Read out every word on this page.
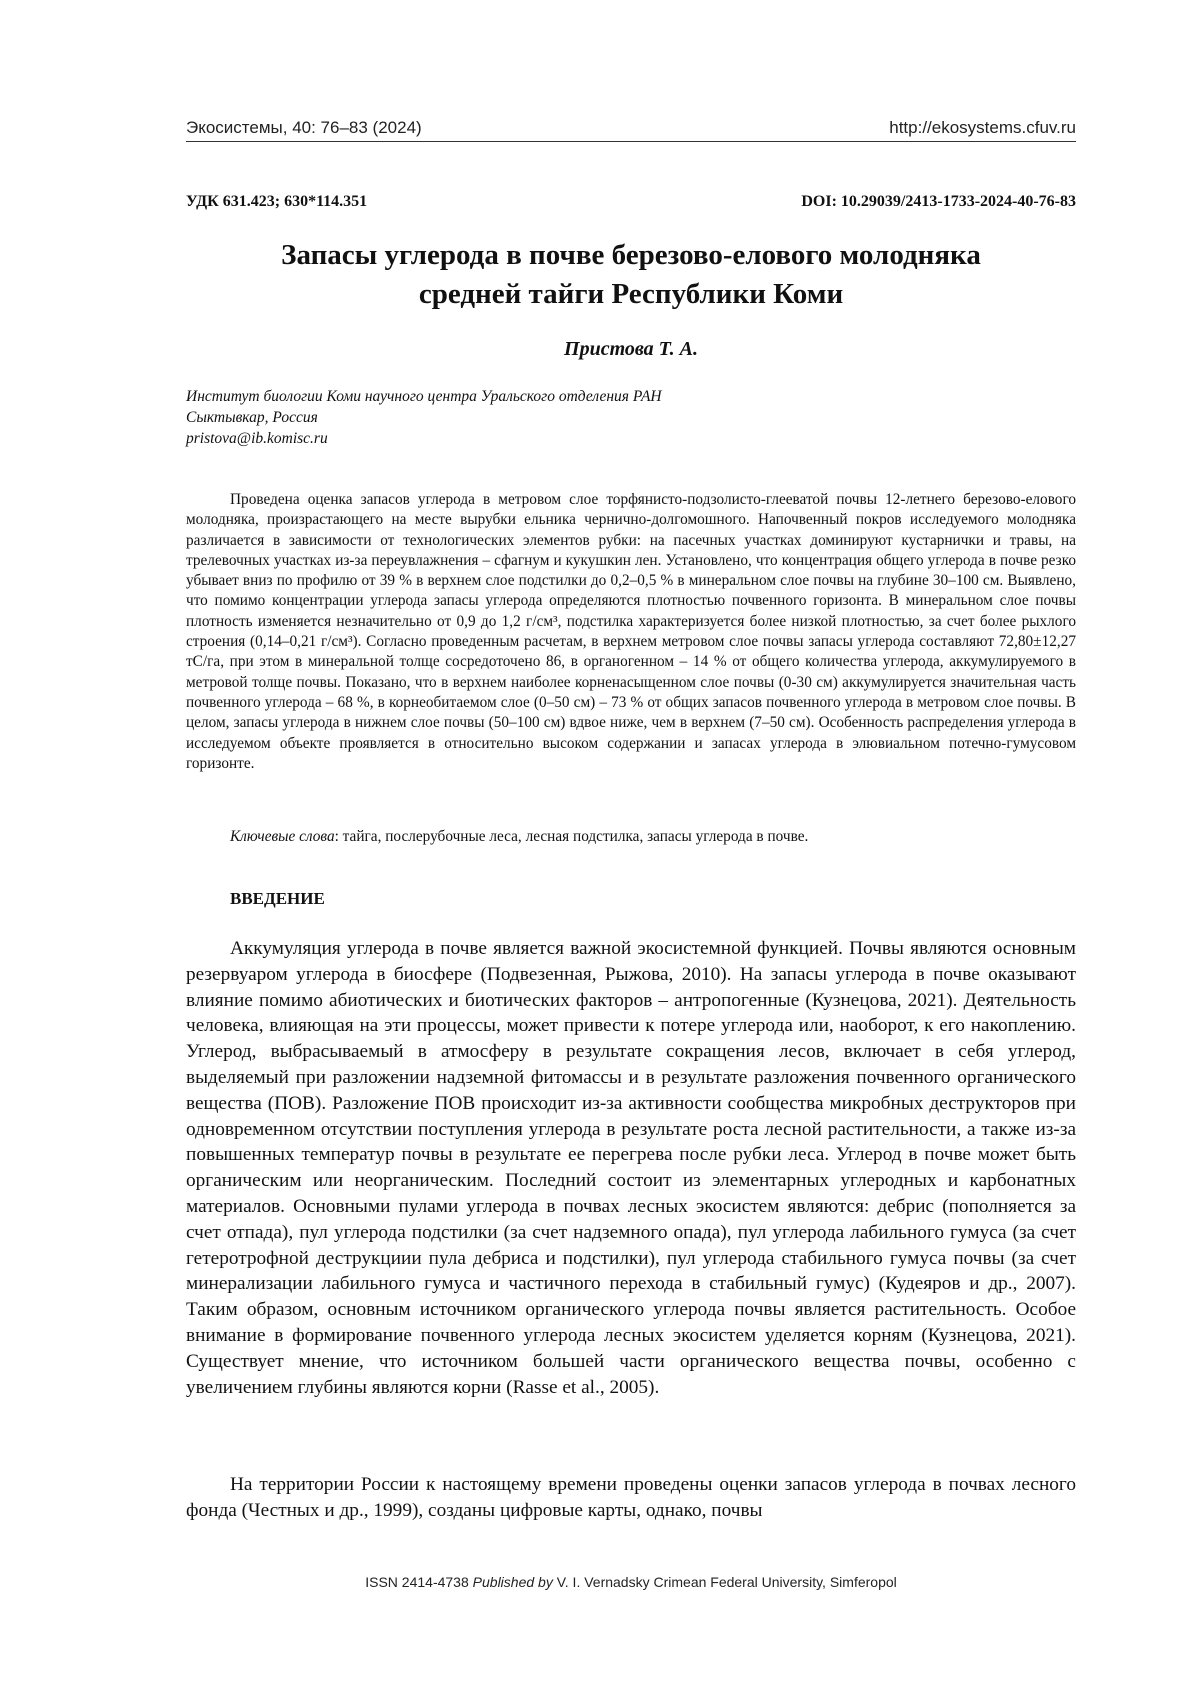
Экосистемы, 40: 76–83 (2024)	http://ekosystems.cfuv.ru
УДК 631.423; 630*114.351	DOI: 10.29039/2413-1733-2024-40-76-83
Запасы углерода в почве березово-елового молодняка
средней тайги Республики Коми
Пристова Т. А.
Институт биологии Коми научного центра Уральского отделения РАН
Сыктывкар, Россия
pristova@ib.komisc.ru

Проведена оценка запасов углерода в метровом слое торфянисто-подзолисто-глееватой почвы 12-летнего березово-елового молодняка, произрастающего на месте вырубки ельника чернично-долгомошного. Напочвенный покров исследуемого молодняка различается в зависимости от технологических элементов рубки: на пасечных участках доминируют кустарнички и травы, на трелевочных участках из-за переувлажнения – сфагнум и кукушкин лен. Установлено, что концентрация общего углерода в почве резко убывает вниз по профилю от 39 % в верхнем слое подстилки до 0,2–0,5 % в минеральном слое почвы на глубине 30–100 см. Выявлено, что помимо концентрации углерода запасы углерода определяются плотностью почвенного горизонта. В минеральном слое почвы плотность изменяется незначительно от 0,9 до 1,2 г/см³, подстилка характеризуется более низкой плотностью, за счет более рыхлого строения (0,14–0,21 г/см³). Согласно проведенным расчетам, в верхнем метровом слое почвы запасы углерода составляют 72,80±12,27 тС/га, при этом в минеральной толще сосредоточено 86, в органогенном – 14 % от общего количества углерода, аккумулируемого в метровой толще почвы. Показано, что в верхнем наиболее корненасыщенном слое почвы (0-30 см) аккумулируется значительная часть почвенного углерода – 68 %, в корнеобитаемом слое (0–50 см) – 73 % от общих запасов почвенного углерода в метровом слое почвы. В целом, запасы углерода в нижнем слое почвы (50–100 см) вдвое ниже, чем в верхнем (7–50 см). Особенность распределения углерода в исследуемом объекте проявляется в относительно высоком содержании и запасах углерода в элювиальном потечно-гумусовом горизонте.

Ключевые слова: тайга, послерубочные леса, лесная подстилка, запасы углерода в почве.

ВВЕДЕНИЕ

Аккумуляция углерода в почве является важной экосистемной функцией. Почвы являются основным резервуаром углерода в биосфере (Подвезенная, Рыжова, 2010). На запасы углерода в почве оказывают влияние помимо абиотических и биотических факторов – антропогенные (Кузнецова, 2021). Деятельность человека, влияющая на эти процессы, может привести к потере углерода или, наоборот, к его накоплению. Углерод, выбрасываемый в атмосферу в результате сокращения лесов, включает в себя углерод, выделяемый при разложении надземной фитомассы и в результате разложения почвенного органического вещества (ПОВ). Разложение ПОВ происходит из-за активности сообщества микробных деструкторов при одновременном отсутствии поступления углерода в результате роста лесной растительности, а также из-за повышенных температур почвы в результате ее перегрева после рубки леса. Углерод в почве может быть органическим или неорганическим. Последний состоит из элементарных углеродных и карбонатных материалов. Основными пулами углерода в почвах лесных экосистем являются: дебрис (пополняется за счет отпада), пул углерода подстилки (за счет надземного опада), пул углерода лабильного гумуса (за счет гетеротрофной деструкциии пула дебриса и подстилки), пул углерода стабильного гумуса почвы (за счет минерализации лабильного гумуса и частичного перехода в стабильный гумус) (Кудеяров и др., 2007). Таким образом, основным источником органического углерода почвы является растительность. Особое внимание в формирование почвенного углерода лесных экосистем уделяется корням (Кузнецова, 2021). Существует мнение, что источником большей части органического вещества почвы, особенно с увеличением глубины являются корни (Rasse et al., 2005).

На территории России к настоящему времени проведены оценки запасов углерода в почвах лесного фонда (Честных и др., 1999), созданы цифровые карты, однако, почвы

ISSN 2414-4738 Published by V. I. Vernadsky Crimean Federal University, Simferopol
